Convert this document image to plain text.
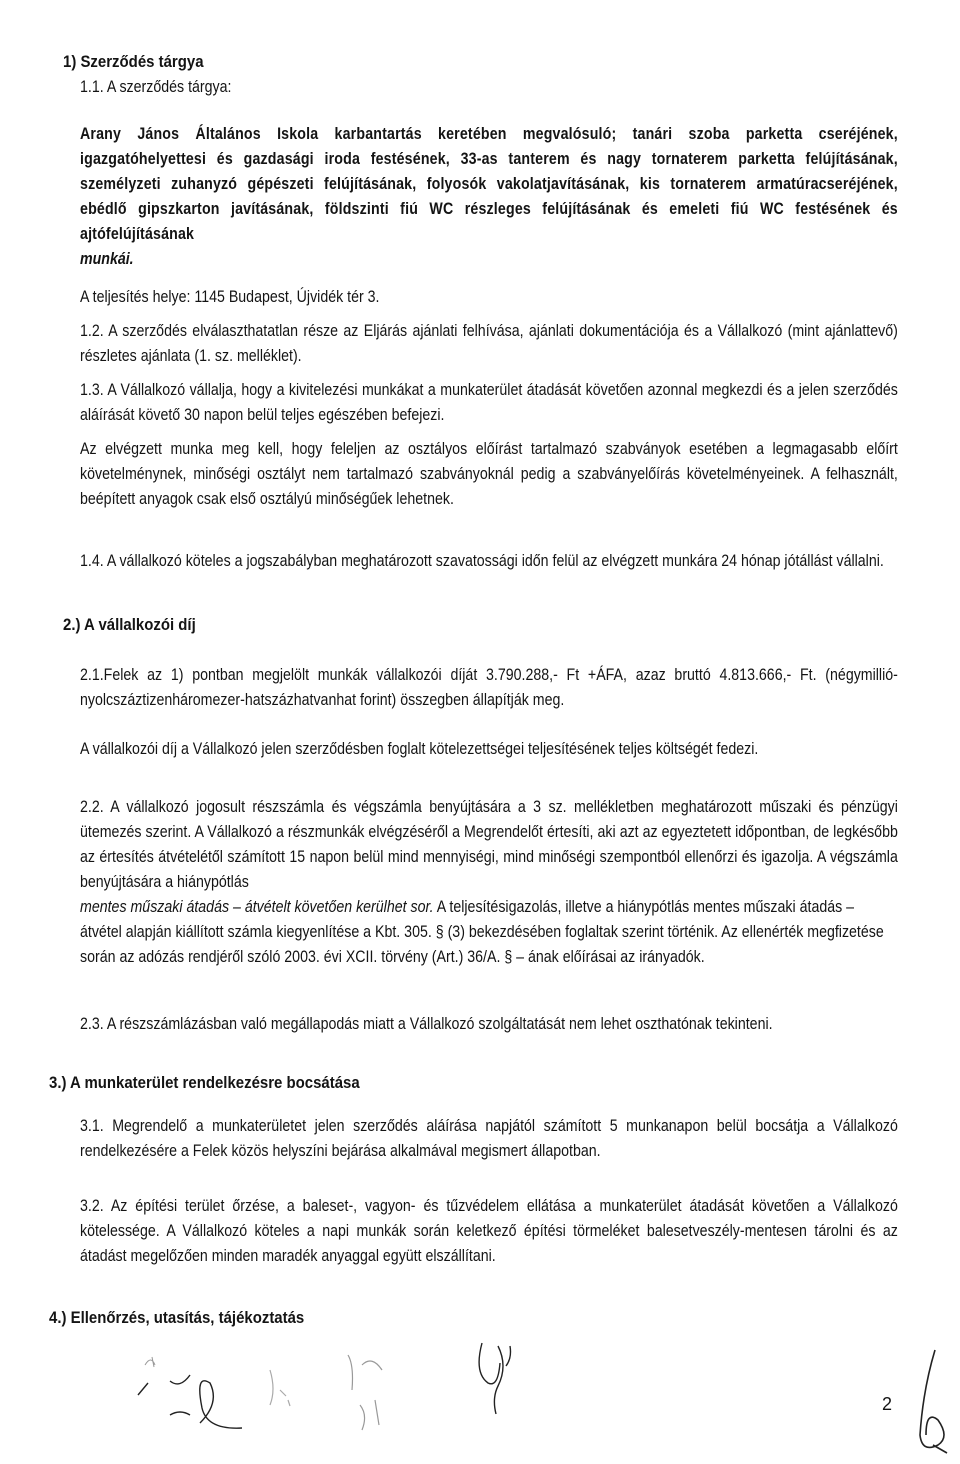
1) Szerződés tárgya

1.1. A szerződés tárgya:

Arany János Általános Iskola karbantartás keretében megvalósuló; tanári szoba parketta cseréjének, igazgatóhelyettesi és gazdasági iroda festésének, 33-as tanterem és nagy tornaterem parketta felújításának, személyzeti zuhanyzó gépészeti felújításának, folyosók vakolatjavításának, kis tornaterem armatúracseréjének, ebédlő gipszkarton javításának, földszinti fiú WC részleges felújításának és emeleti fiú WC festésének és ajtófelújításának

munkái.

A teljesítés helye: 1145 Budapest, Újvidék tér 3.

1.2. A szerződés elválaszthatatlan része az Eljárás ajánlati felhívása, ajánlati dokumentációja és a Vállalkozó (mint ajánlattevő) részletes ajánlata (1. sz. melléklet).

1.3. A Vállalkozó vállalja, hogy a kivitelezési munkákat a munkaterület átadását követően azonnal megkezdi és a jelen szerződés aláírását követő 30 napon belül teljes egészében befejezi.

Az elvégzett munka meg kell, hogy feleljen az osztályos előírást tartalmazó szabványok esetében a legmagasabb előírt követelménynek, minőségi osztályt nem tartalmazó szabványoknál pedig a szabványelőírás követelményeinek. A felhasznált, beépített anyagok csak első osztályú minőségűek lehetnek.

1.4. A vállalkozó köteles a jogszabályban meghatározott szavatossági időn felül az elvégzett munkára 24 hónap jótállást vállalni.

2.) A vállalkozói díj

2.1.Felek az 1) pontban megjelölt munkák vállalkozói díját 3.790.288,- Ft +ÁFA, azaz bruttó 4.813.666,- Ft. (négymillió- nyolcszáztizenháromezer-hatszázhatvanhat forint) összegben állapítják meg.

A vállalkozói díj a Vállalkozó jelen szerződésben foglalt kötelezettségei teljesítésének teljes költségét fedezi.

2.2. A vállalkozó jogosult részszámla és végszámla benyújtására a 3 sz. mellékletben meghatározott műszaki és pénzügyi ütemezés szerint. A Vállalkozó a részmunkák elvégzéséről a Megrendelőt értesíti, aki azt az egyeztetett időpontban, de legkésőbb az értesítés átvételétől számított 15 napon belül mind mennyiségi, mind minőségi szempontból ellenőrzi és igazolja. A végszámla benyújtására a hiánypótlás

mentes műszaki átadás – átvételt követően kerülhet sor. A teljesítésigazolás, illetve a hiánypótlás mentes műszaki átadás – átvétel alapján kiállított számla kiegyenlítése a Kbt. 305. § (3) bekezdésében foglaltak szerint történik. Az ellenérték megfizetése során az adózás rendjéről szóló 2003. évi XCII. törvény (Art.) 36/A. § – ának előírásai az irányadók.

2.3. A részszámlázásban való megállapodás miatt a Vállalkozó szolgáltatását nem lehet oszthatónak tekinteni.

3.) A munkaterület rendelkezésre bocsátása

3.1. Megrendelő a munkaterületet jelen szerződés aláírása napjától számított 5 munkanapon belül bocsátja a Vállalkozó rendelkezésére a Felek közös helyszíni bejárása alkalmával megismert állapotban.

3.2. Az építési terület őrzése, a baleset-, vagyon- és tűzvédelem ellátása a munkaterület átadását követően a Vállalkozó kötelessége. A Vállalkozó köteles a napi munkák során keletkező építési törmeléket balesetveszély-mentesen tárolni és az átadást megelőzően minden maradék anyaggal együtt elszállítani.

4.) Ellenőrzés, utasítás, tájékoztatás
2
